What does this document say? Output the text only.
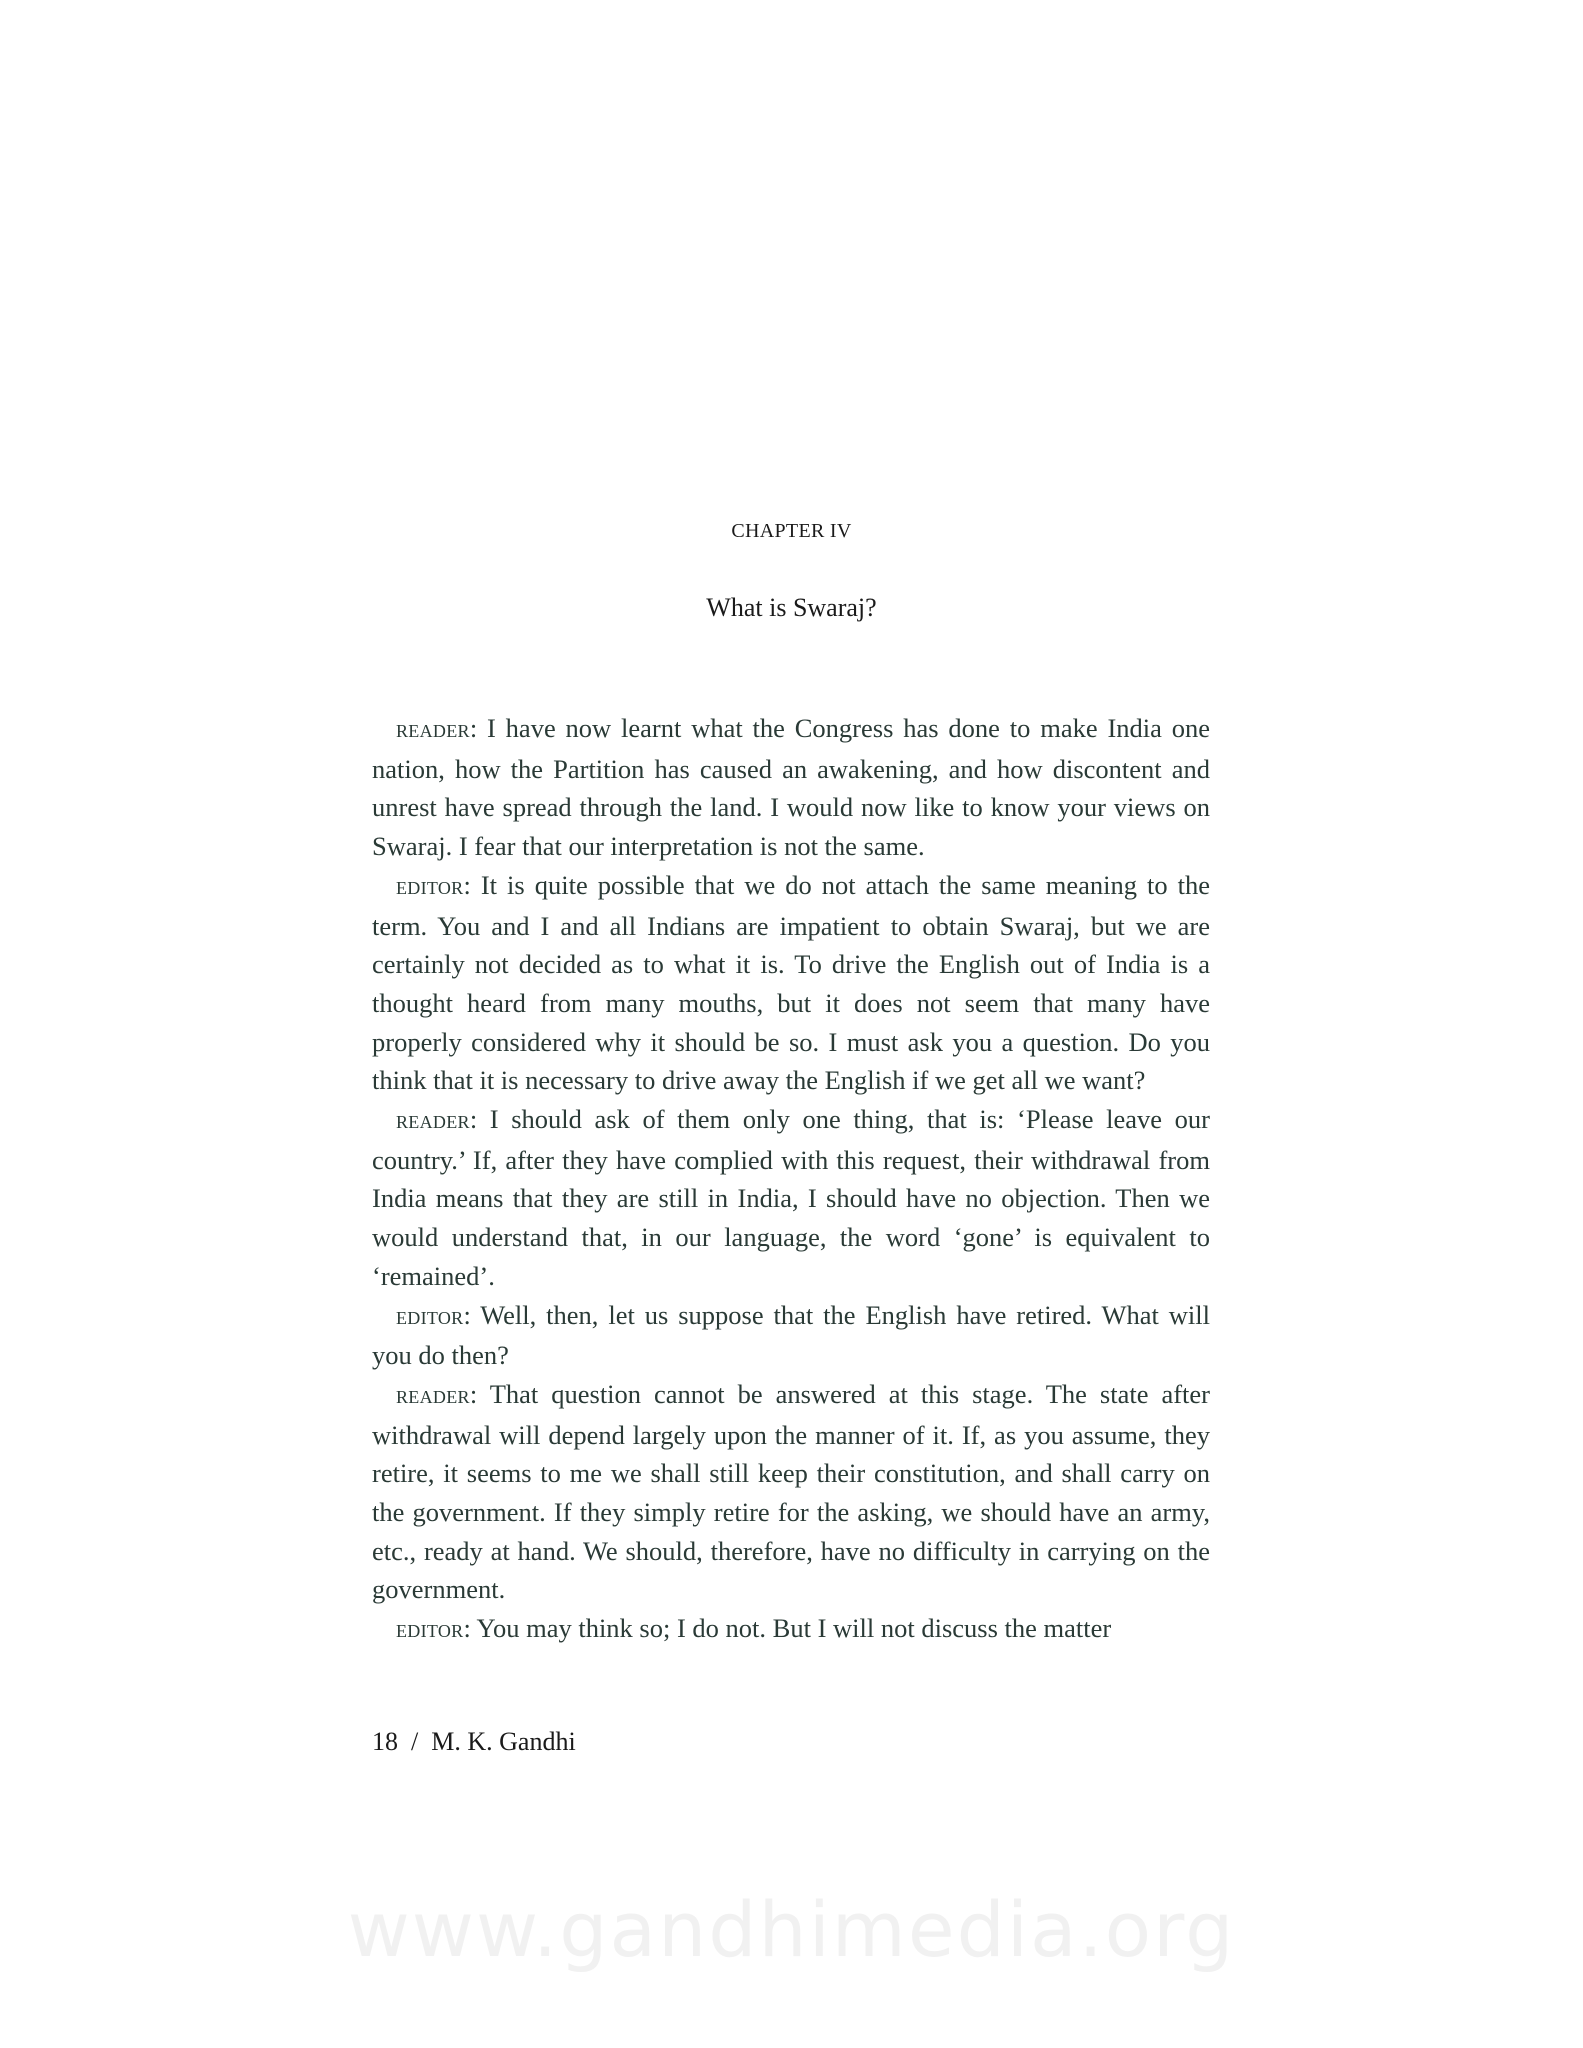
CHAPTER IV
What is Swaraj?

reader: I have now learnt what the Congress has done to make India one nation, how the Partition has caused an awakening, and how discontent and unrest have spread through the land. I would now like to know your views on Swaraj. I fear that our interpretation is not the same.

editor: It is quite possible that we do not attach the same meaning to the term. You and I and all Indians are impatient to obtain Swaraj, but we are certainly not decided as to what it is. To drive the English out of India is a thought heard from many mouths, but it does not seem that many have properly considered why it should be so. I must ask you a question. Do you think that it is necessary to drive away the English if we get all we want?

reader: I should ask of them only one thing, that is: ‘Please leave our country.’ If, after they have complied with this request, their withdrawal from India means that they are still in India, I should have no objection. Then we would understand that, in our language, the word ‘gone’ is equivalent to ‘remained’.

editor: Well, then, let us suppose that the English have retired. What will you do then?

reader: That question cannot be answered at this stage. The state after withdrawal will depend largely upon the manner of it. If, as you assume, they retire, it seems to me we shall still keep their constitution, and shall carry on the government. If they simply retire for the asking, we should have an army, etc., ready at hand. We should, therefore, have no difficulty in carrying on the government.

editor: You may think so; I do not. But I will not discuss the matter

18 / M. K. Gandhi
www.gandhimedia.org
